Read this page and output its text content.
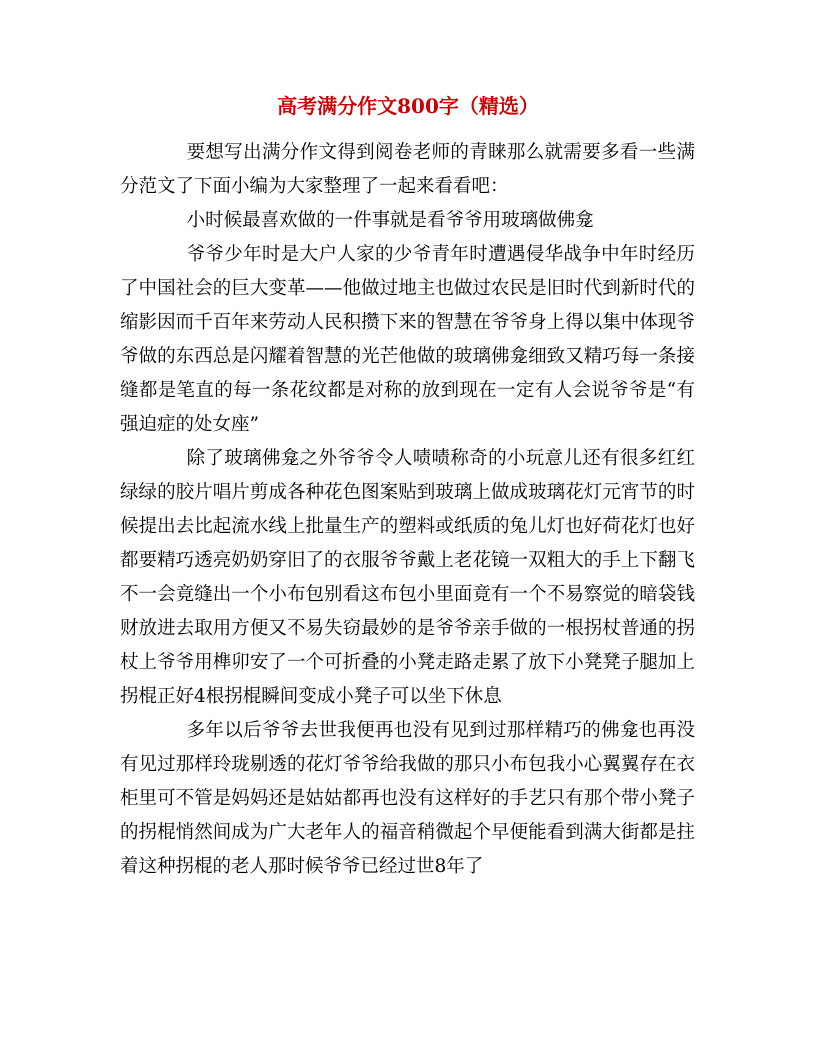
高考满分作文800字（精选）

要想写出满分作文得到阅卷老师的青睐那么就需要多看一些满分范文了下面小编为大家整理了一起来看看吧：

小时候最喜欢做的一件事就是看爷爷用玻璃做佛龛

爷爷少年时是大户人家的少爷青年时遭遇侵华战争中年时经历了中国社会的巨大变革——他做过地主也做过农民是旧时代到新时代的缩影因而千百年来劳动人民积攒下来的智慧在爷爷身上得以集中体现爷爷做的东西总是闪耀着智慧的光芒他做的玻璃佛龛细致又精巧每一条接缝都是笔直的每一条花纹都是对称的放到现在一定有人会说爷爷是“有强迫症的处女座”

除了玻璃佛龛之外爷爷令人啧啧称奇的小玩意儿还有很多红红绿绿的胶片唱片剪成各种花色图案贴到玻璃上做成玻璃花灯元宵节的时候提出去比起流水线上批量生产的塑料或纸质的兔儿灯也好荷花灯也好都要精巧透亮奶奶穿旧了的衣服爷爷戴上老花镜一双粗大的手上下翻飞不一会竟缝出一个小布包别看这布包小里面竟有一个不易察觉的暗袋钱财放进去取用方便又不易失窃最妙的是爷爷亲手做的一根拐杖普通的拐杖上爷爷用榫卯安了一个可折叠的小凳走路走累了放下小凳凳子腿加上拐棍正好4根拐棍瞬间变成小凳子可以坐下休息

多年以后爷爷去世我便再也没有见到过那样精巧的佛龛也再没有见过那样玲珑剔透的花灯爷爷给我做的那只小布包我小心翼翼存在衣柜里可不管是妈妈还是姑姑都再也没有这样好的手艺只有那个带小凳子的拐棍悄然间成为广大老年人的福音稍微起个早便能看到满大街都是拄着这种拐棍的老人那时候爷爷已经过世8年了
